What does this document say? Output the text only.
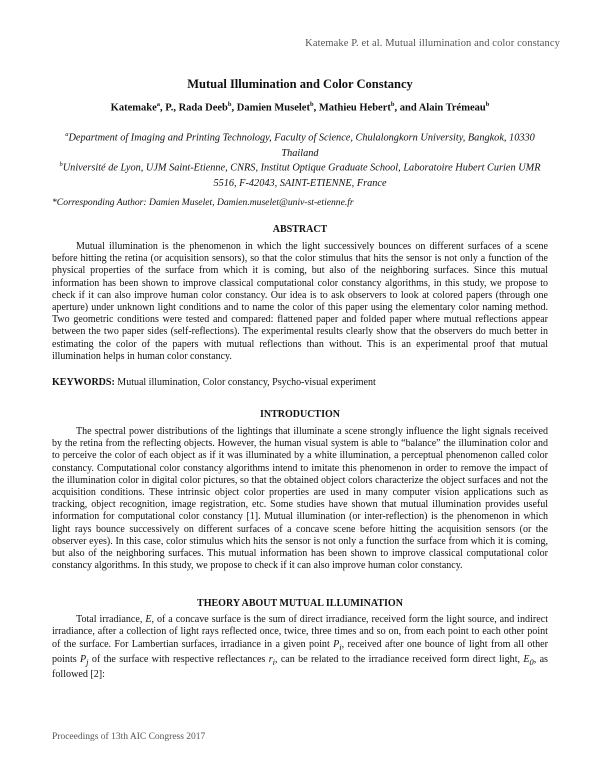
Katemake P. et al. Mutual illumination and color constancy
Mutual Illumination and Color Constancy
Katemake$^a$, P., Rada Deeb$^b$, Damien Muselet$^b$, Mathieu Hebert$^b$, and Alain Trémeau$^b$
$^a$Department of Imaging and Printing Technology, Faculty of Science, Chulalongkorn University, Bangkok, 10330 Thailand
$^b$Université de Lyon, UJM Saint-Etienne, CNRS, Institut Optique Graduate School, Laboratoire Hubert Curien UMR 5516, F-42043, SAINT-ETIENNE, France
*Corresponding Author: Damien Muselet, Damien.muselet@univ-st-etienne.fr
ABSTRACT
Mutual illumination is the phenomenon in which the light successively bounces on different surfaces of a scene before hitting the retina (or acquisition sensors), so that the color stimulus that hits the sensor is not only a function of the physical properties of the surface from which it is coming, but also of the neighboring surfaces. Since this mutual information has been shown to improve classical computational color constancy algorithms, in this study, we propose to check if it can also improve human color constancy. Our idea is to ask observers to look at colored papers (through one aperture) under unknown light conditions and to name the color of this paper using the elementary color naming method. Two geometric conditions were tested and compared: flattened paper and folded paper where mutual reflections appear between the two paper sides (self-reflections). The experimental results clearly show that the observers do much better in estimating the color of the papers with mutual reflections than without. This is an experimental proof that mutual illumination helps in human color constancy.
KEYWORDS: Mutual illumination, Color constancy, Psycho-visual experiment
INTRODUCTION
The spectral power distributions of the lightings that illuminate a scene strongly influence the light signals received by the retina from the reflecting objects. However, the human visual system is able to “balance” the illumination color and to perceive the color of each object as if it was illuminated by a white illumination, a perceptual phenomenon called color constancy. Computational color constancy algorithms intend to imitate this phenomenon in order to remove the impact of the illumination color in digital color pictures, so that the obtained object colors characterize the object surfaces and not the acquisition conditions. These intrinsic object color properties are used in many computer vision applications such as tracking, object recognition, image registration, etc. Some studies have shown that mutual illumination provides useful information for computational color constancy [1]. Mutual illumination (or inter-reflection) is the phenomenon in which light rays bounce successively on different surfaces of a concave scene before hitting the acquisition sensors (or the observer eyes). In this case, color stimulus which hits the sensor is not only a function the surface from which it is coming, but also of the neighboring surfaces. This mutual information has been shown to improve classical computational color constancy algorithms. In this study, we propose to check if it can also improve human color constancy.
THEORY ABOUT MUTUAL ILLUMINATION
Total irradiance, E, of a concave surface is the sum of direct irradiance, received form the light source, and indirect irradiance, after a collection of light rays reflected once, twice, three times and so on, from each point to each other point of the surface. For Lambertian surfaces, irradiance in a given point $P_i$, received after one bounce of light from all other points $P_j$ of the surface with respective reflectances $r_i$, can be related to the irradiance received form direct light, $E_0$, as followed [2]:
Proceedings of 13th AIC Congress 2017
